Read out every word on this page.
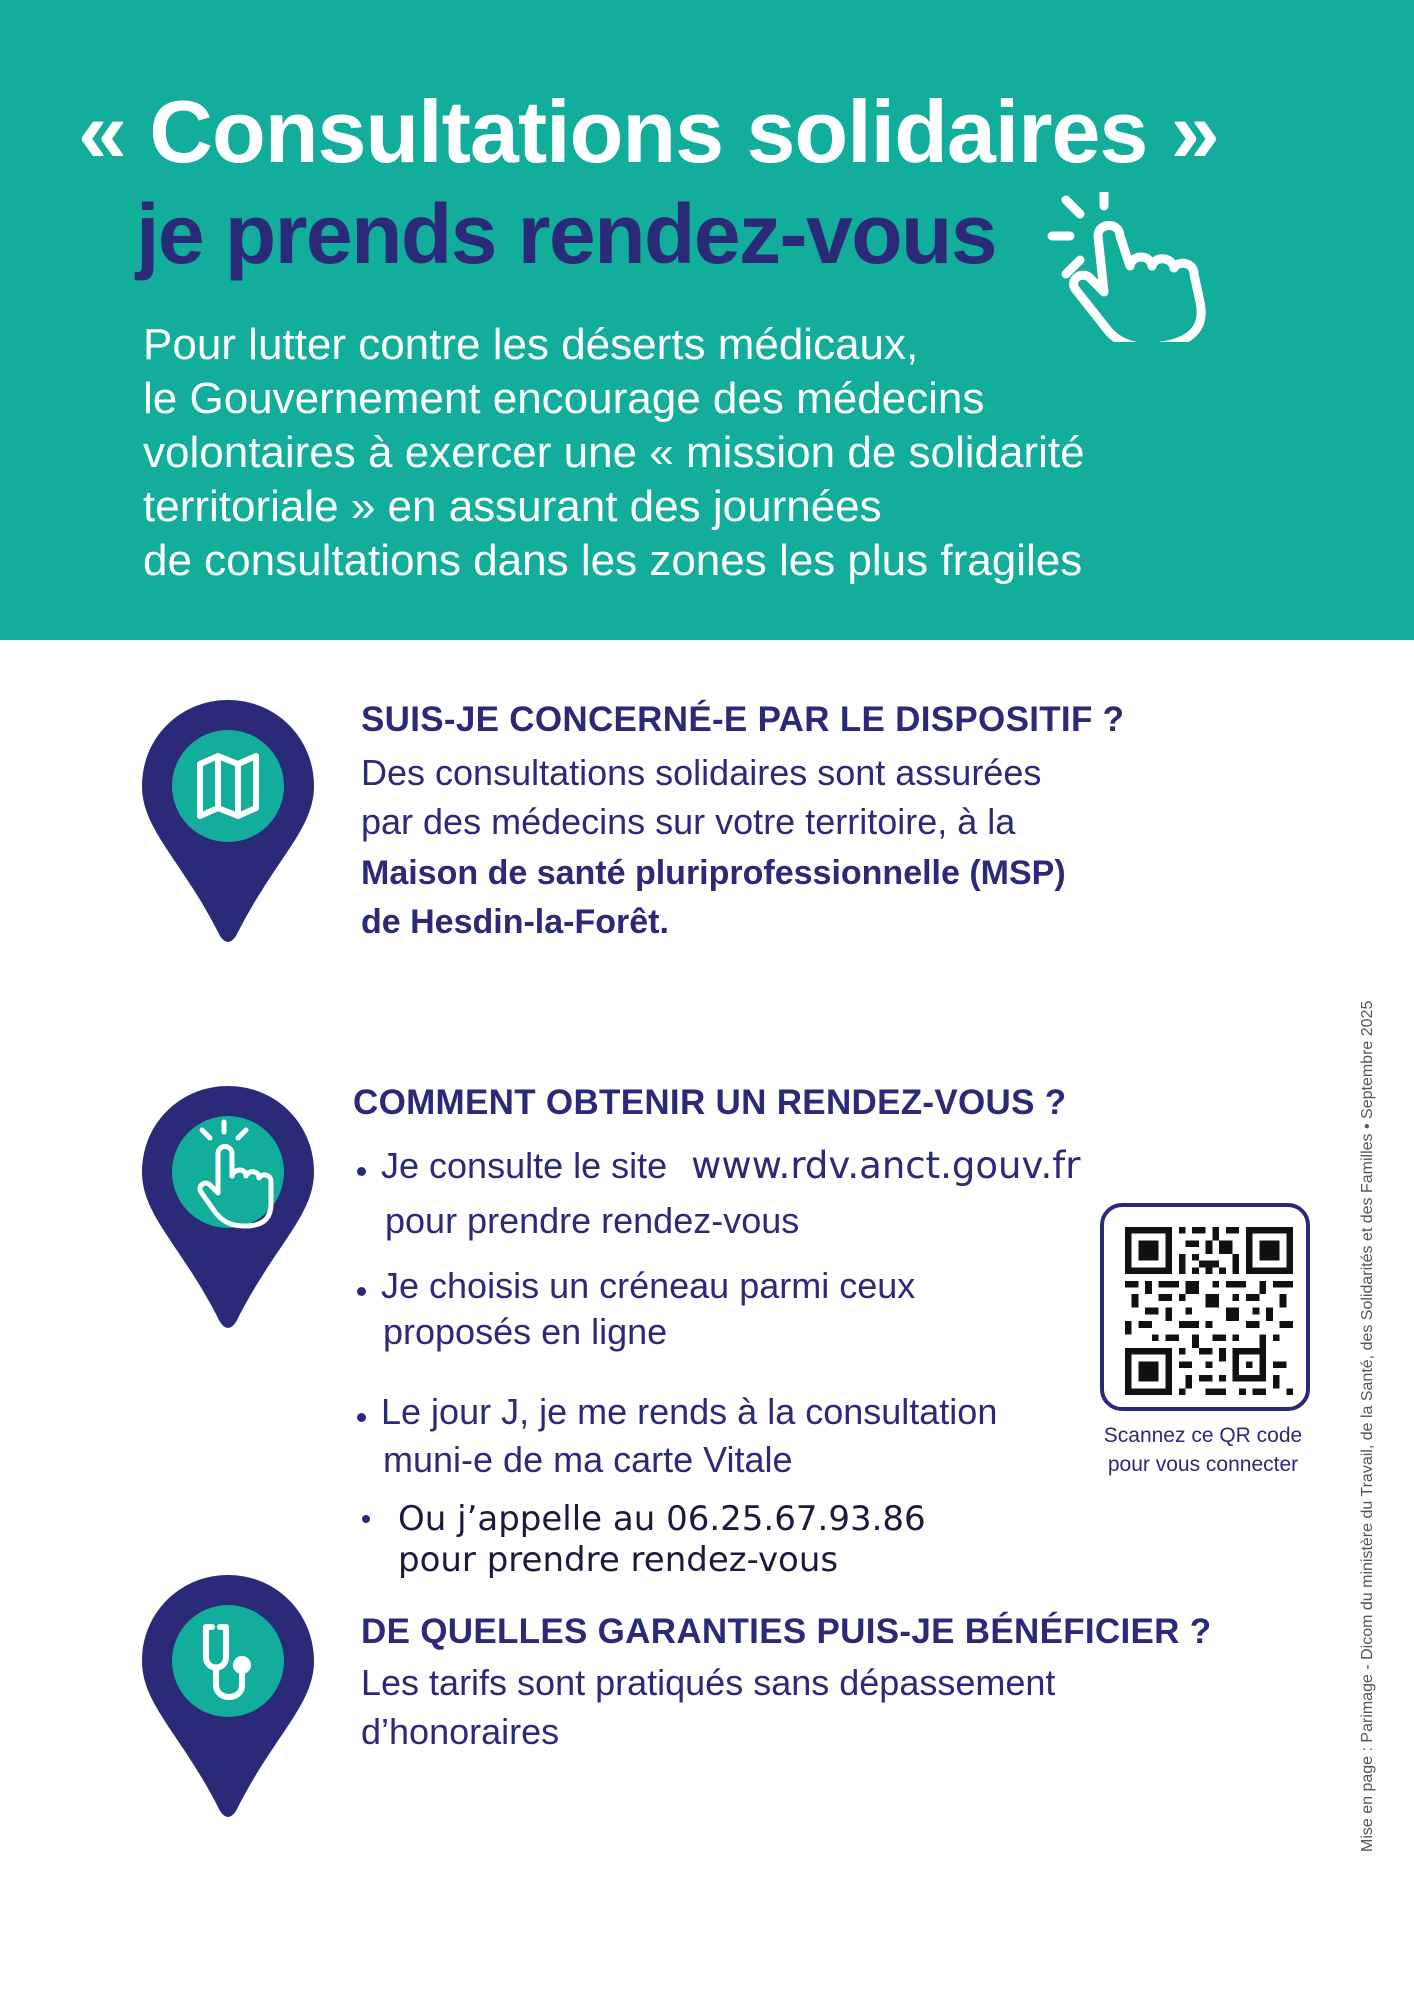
« Consultations solidaires »
je prends rendez-vous
Pour lutter contre les déserts médicaux,
le Gouvernement encourage des médecins
volontaires à exercer une « mission de solidarité
territoriale » en assurant des journées
de consultations dans les zones les plus fragiles
SUIS-JE CONCERNÉ-E PAR LE DISPOSITIF ?
Des consultations solidaires sont assurées
par des médecins sur votre territoire, à la
Maison de santé pluriprofessionnelle (MSP)
de Hesdin-la-Forêt.
COMMENT OBTENIR UN RENDEZ-VOUS ?
Je consulte le site www.rdv.anct.gouv.fr
pour prendre rendez-vous
Je choisis un créneau parmi ceux
proposés en ligne
Le jour J, je me rends à la consultation
muni-e de ma carte Vitale
Ou j’appelle au 06.25.67.93.86
pour prendre rendez-vous
Scannez ce QR code
pour vous connecter
DE QUELLES GARANTIES PUIS-JE BÉNÉFICIER ?
Les tarifs sont pratiqués sans dépassement
d’honoraires	Mise en page : Parimage - Dicom du ministère du Travail, de la Santé, des Solidarités et des Familles • Septembre 2025
